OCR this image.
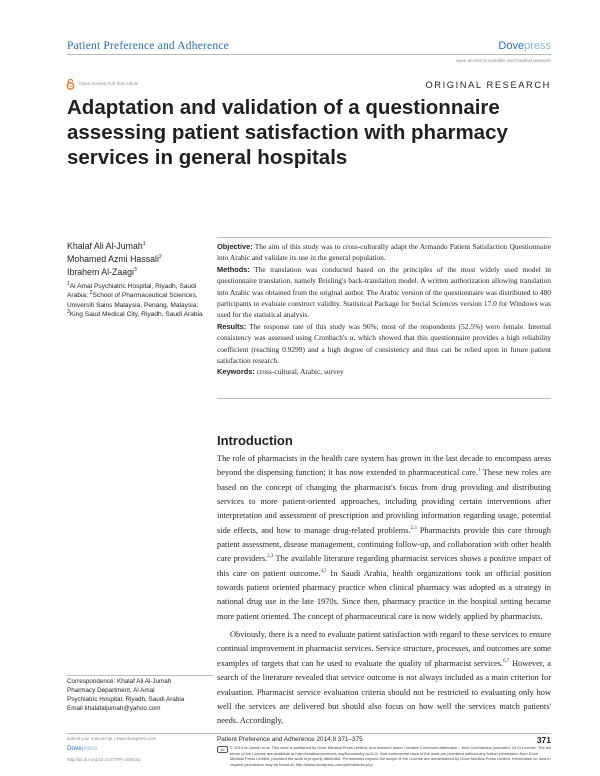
Patient Preference and Adherence	Dovepress
open access to scientific and medical research
Open Access Full Text Article	ORIGINAL RESEARCH
Adaptation and validation of a questionnaire assessing patient satisfaction with pharmacy services in general hospitals
Khalaf Ali Al-Jumah$^1$
Mohamed Azmi Hassali$^2$
Ibrahem Al-Zaagi$^3$
$^1$Al Amal Psychiatric Hospital, Riyadh, Saudi Arabia; $^2$School of Pharmaceutical Sciences, Universiti Sains Malaysia, Penang, Malaysia; $^3$King Saud Medical City, Riyadh, Saudi Arabia

Objective: The aim of this study was to cross-culturally adapt the Armando Patient Satisfaction Questionnaire into Arabic and validate its use in the general population.

Methods: The translation was conducted based on the principles of the most widely used model in questionnaire translation, namely Brisling's back-translation model. A written authorization allowing translation into Arabic was obtained from the original author. The Arabic version of the questionnaire was distributed to 480 participants to evaluate construct validity. Statistical Package for Social Sciences version 17.0 for Windows was used for the statistical analysis.

Results: The response rate of this study was 96%; most of the respondents (52.5%) were female. Internal consistency was assessed using Cronbach's α, which showed that this questionnaire provides a high reliability coefficient (reaching 0.9299) and a high degree of consistency and thus can be relied upon in future patient satisfaction research.

Keywords: cross-cultural, Arabic, survey

Introduction

The role of pharmacists in the health care system has grown in the last decade to encompass areas beyond the dispensing function; it has now extended to pharmaceutical care.$^1$ These new roles are based on the concept of changing the pharmacist's focus from drug providing and distributing services to more patient-oriented approaches, including providing certain interventions after interpretation and assessment of prescription and providing information regarding usage, potential side effects, and how to manage drug-related problems.$^{2,3}$ Pharmacists provide this care through patient assessment, disease management, continuing follow-up, and collaboration with other health care providers.$^{2,3}$ The available literature regarding pharmacist services shows a positive impact of this care on patient outcome.$^{4,5}$ In Saudi Arabia, health organizations took an official position towards patient oriented pharmacy practice when clinical pharmacy was adopted as a strategy in national drug use in the late 1970s. Since then, pharmacy practice in the hospital setting became more patient oriented. The concept of pharmaceutical care is now widely applied by pharmacists.

Obviously, there is a need to evaluate patient satisfaction with regard to these services to ensure continual improvement in pharmacist services. Service structure, processes, and outcomes are some examples of targets that can be used to evaluate the quality of pharmacist services.$^{6,7}$ However, a search of the literature revealed that service outcome is not always included as a main criterion for evaluation. Pharmacist service evaluation criteria should not be restricted to evaluating only how well the services are delivered but should also focus on how well the services match patients' needs. Accordingly,

Correspondence: Khalaf Ali Al-Jumah
Pharmacy Department, Al Amal
Psychiatric Hospital, Riyadh, Saudi Arabia
Email khalafaljumah@yahoo.com
submit your manuscript | www.dovepress.com
Dovepress
http://dx.doi.org/10.2147/PPA.S58141
Patient Preference and Adherence 2014:8 371–375	371
cc	© 2014 Al-Jumah et al. This work is published by Dove Medical Press Limited, and licensed under Creative Commons Attribution – Non Commercial (unported, v3.0) License. The full terms of the License are available at http://creativecommons.org/licenses/by-nc/3.0/. Non-commercial uses of the work are permitted without any further permission from Dove Medical Press Limited, provided the work is properly attributed. Permissions beyond the scope of the License are administered by Dove Medical Press Limited. Information on how to request permission may be found at: http://www.dovepress.com/permissions.php
